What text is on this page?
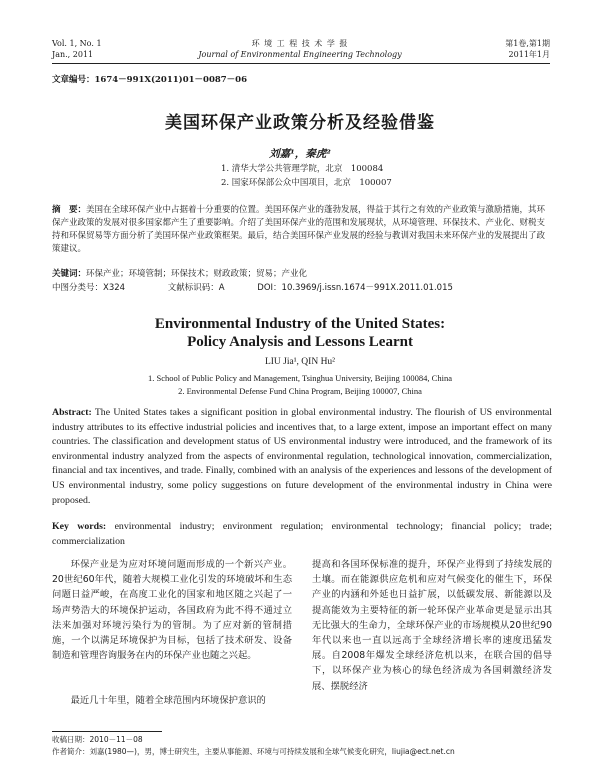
Vol. 1, No. 1
Jan., 2011
环 境 工 程 技 术 学 报
Journal of Environmental Engineering Technology
第1卷,第1期
2011年1月
文章编号：1674－991X(2011)01－0087－06
美国环保产业政策分析及经验借鉴
刘嘉¹，秦虎²
1. 清华大学公共管理学院，北京　100084
2. 国家环保部公众中国项目，北京　100007
摘　要：美国在全球环保产业中占据着十分重要的位置。美国环保产业的蓬勃发展，得益于其行之有效的产业政策与激励措施，其环保产业政策的发展对很多国家都产生了重要影响。介绍了美国环保产业的范围和发展现状，从环境管理、环保技术、产业化、财税支持和环保贸易等方面分析了美国环保产业政策框架。最后，结合美国环保产业发展的经验与教训对我国未来环保产业的发展提出了政策建议。
关键词：环保产业；环境管制；环保技术；财政政策；贸易；产业化
中图分类号：X324	文献标识码：A	DOI：10.3969/j.issn.1674－991X.2011.01.015
Environmental Industry of the United States:
Policy Analysis and Lessons Learnt
LIU Jia¹, QIN Hu²
1. School of Public Policy and Management, Tsinghua University, Beijing 100084, China
2. Environmental Defense Fund China Program, Beijing 100007, China
Abstract: The United States takes a significant position in global environmental industry. The flourish of US environmental industry attributes to its effective industrial policies and incentives that, to a large extent, impose an important effect on many countries. The classification and development status of US environmental industry were introduced, and the framework of its environmental industry analyzed from the aspects of environmental regulation, technological innovation, commercialization, financial and tax incentives, and trade. Finally, combined with an analysis of the experiences and lessons of the development of US environmental industry, some policy suggestions on future development of the environmental industry in China were proposed.
Key words: environmental industry; environment regulation; environmental technology; financial policy; trade; commercialization
环保产业是为应对环境问题而形成的一个新兴产业。20世纪60年代，随着大规模工业化引发的环境破坏和生态问题日益严峻，在高度工业化的国家和地区随之兴起了一场声势浩大的环境保护运动，各国政府为此不得不通过立法来加强对环境污染行为的管制。为了应对新的管制措施，一个以满足环境保护为目标，包括了技术研发、设备制造和管理咨询服务在内的环保产业也随之兴起。
最近几十年里，随着全球范围内环境保护意识的
提高和各国环保标准的提升，环保产业得到了持续发展的土壤。而在能源供应危机和应对气候变化的催生下，环保产业的内涵和外延也日益扩展，以低碳发展、新能源以及提高能效为主要特征的新一轮环保产业革命更是显示出其无比强大的生命力，全球环保产业的市场规模从20世纪90年代以来也一直以远高于全球经济增长率的速度迅猛发展。自2008年爆发全球经济危机以来，在联合国的倡导下，以环保产业为核心的绿色经济成为各国刺激经济发展、摆脱经济
收稿日期：2010－11－08
作者简介：刘嘉(1980—)，男，博士研究生，主要从事能源、环境与可持续发展和全球气候变化研究，liujia@ect.net.cn
